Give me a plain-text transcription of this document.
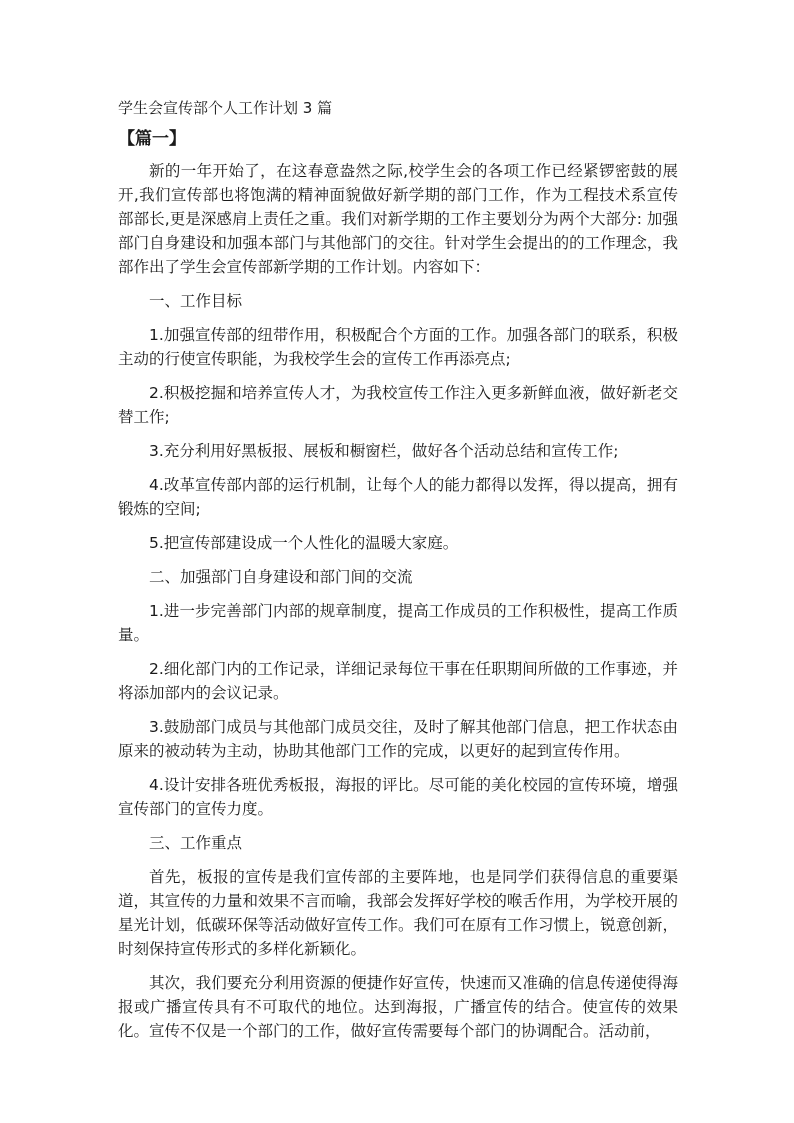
学生会宣传部个人工作计划 3 篇
【篇一】

新的一年开始了，在这春意盎然之际,校学生会的各项工作已经紧锣密鼓的展开,我们宣传部也将饱满的精神面貌做好新学期的部门工作，作为工程技术系宣传部部长,更是深感肩上责任之重。我们对新学期的工作主要划分为两个大部分: 加强部门自身建设和加强本部门与其他部门的交往。针对学生会提出的的工作理念，我部作出了学生会宣传部新学期的工作计划。内容如下：

一、工作目标

1.加强宣传部的纽带作用，积极配合个方面的工作。加强各部门的联系，积极主动的行使宣传职能，为我校学生会的宣传工作再添亮点;

2.积极挖掘和培养宣传人才，为我校宣传工作注入更多新鲜血液，做好新老交替工作;

3.充分利用好黑板报、展板和橱窗栏，做好各个活动总结和宣传工作;

4.改革宣传部内部的运行机制，让每个人的能力都得以发挥，得以提高，拥有锻炼的空间;

5.把宣传部建设成一个人性化的温暖大家庭。

二、加强部门自身建设和部门间的交流

1.进一步完善部门内部的规章制度，提高工作成员的工作积极性，提高工作质量。

2.细化部门内的工作记录，详细记录每位干事在任职期间所做的工作事迹，并将添加部内的会议记录。

3.鼓励部门成员与其他部门成员交往，及时了解其他部门信息，把工作状态由原来的被动转为主动，协助其他部门工作的完成，以更好的起到宣传作用。

4.设计安排各班优秀板报，海报的评比。尽可能的美化校园的宣传环境，增强宣传部门的宣传力度。

三、工作重点

首先，板报的宣传是我们宣传部的主要阵地，也是同学们获得信息的重要渠道，其宣传的力量和效果不言而喻，我部会发挥好学校的喉舌作用，为学校开展的星光计划，低碳环保等活动做好宣传工作。我们可在原有工作习惯上，锐意创新，时刻保持宣传形式的多样化新颖化。

其次，我们要充分利用资源的便捷作好宣传，快速而又准确的信息传递使得海报或广播宣传具有不可取代的地位。达到海报，广播宣传的结合。使宣传的效果化。宣传不仅是一个部门的工作，做好宣传需要每个部门的协调配合。活动前，
